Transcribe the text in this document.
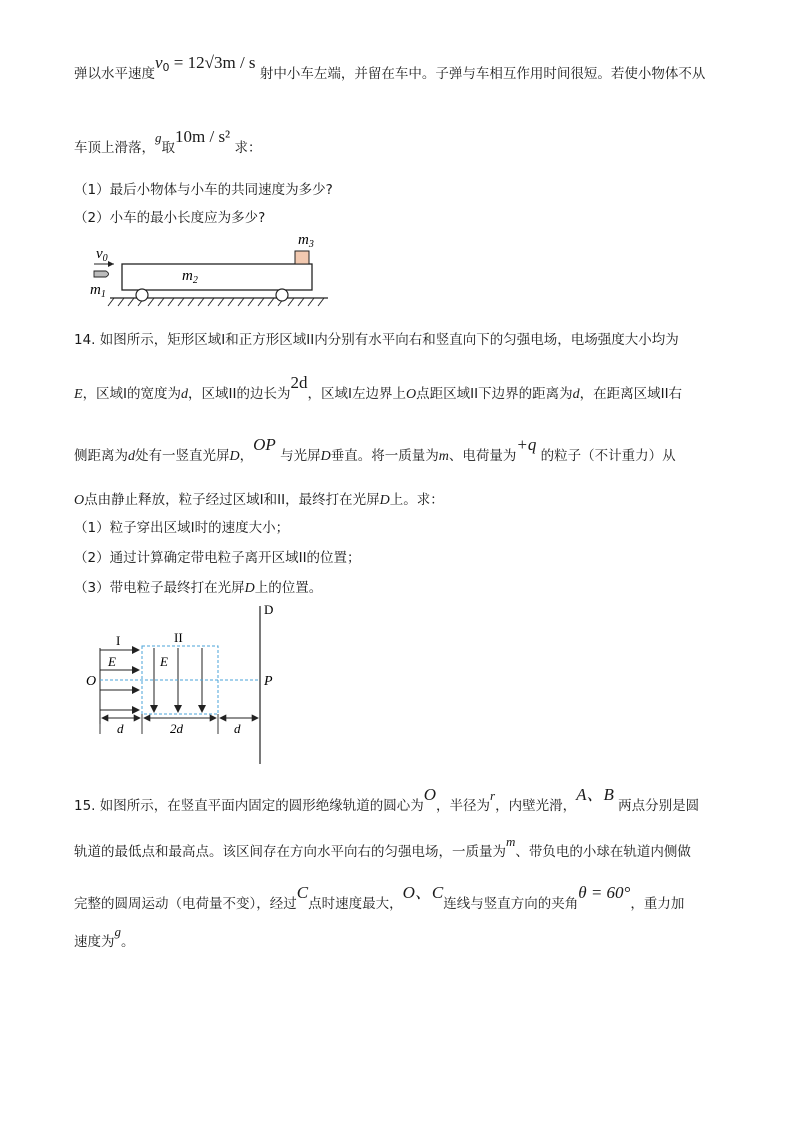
弹以水平速度$v^0 = 12√3m / s$ 射中小车左端，并留在车中。子弹与车相互作用时间很短。若使小物体不从
车顶上滑落，g取10m / s² 求：
（1）最后小物体与小车的共同速度为多少?
（2）小车的最小长度应为多少?
$v_0$
$m_1$
$m_2$
$m_3$
14. 如图所示，矩形区域I和正方形区域II内分别有水平向右和竖直向下的匀强电场，电场强度大小均为
E，区域I的宽度为d，区域II的边长为2d，区域I左边界上O点距区域II下边界的距离为d，在距离区域II右
侧距离为d处有一竖直光屏D，OP 与光屏D垂直。将一质量为m、电荷量为+q 的粒子（不计重力）从
O点由静止释放，粒子经过区域I和II，最终打在光屏D上。求：
（1）粒子穿出区域I时的速度大小；
（2）通过计算确定带电粒子离开区域II的位置；
（3）带电粒子最终打在光屏D上的位置。
D
I	II
E	E
O	P
d	2d	d
15. 如图所示，在竖直平面内固定的圆形绝缘轨道的圆心为O，半径为r，内壁光滑，A、B 两点分别是圆
轨道的最低点和最高点。该区间存在方向水平向右的匀强电场，一质量为m、带负电的小球在轨道内侧做
完整的圆周运动（电荷量不变），经过C点时速度最大，O、C连线与竖直方向的夹角θ = 60°，重力加
速度为g。
